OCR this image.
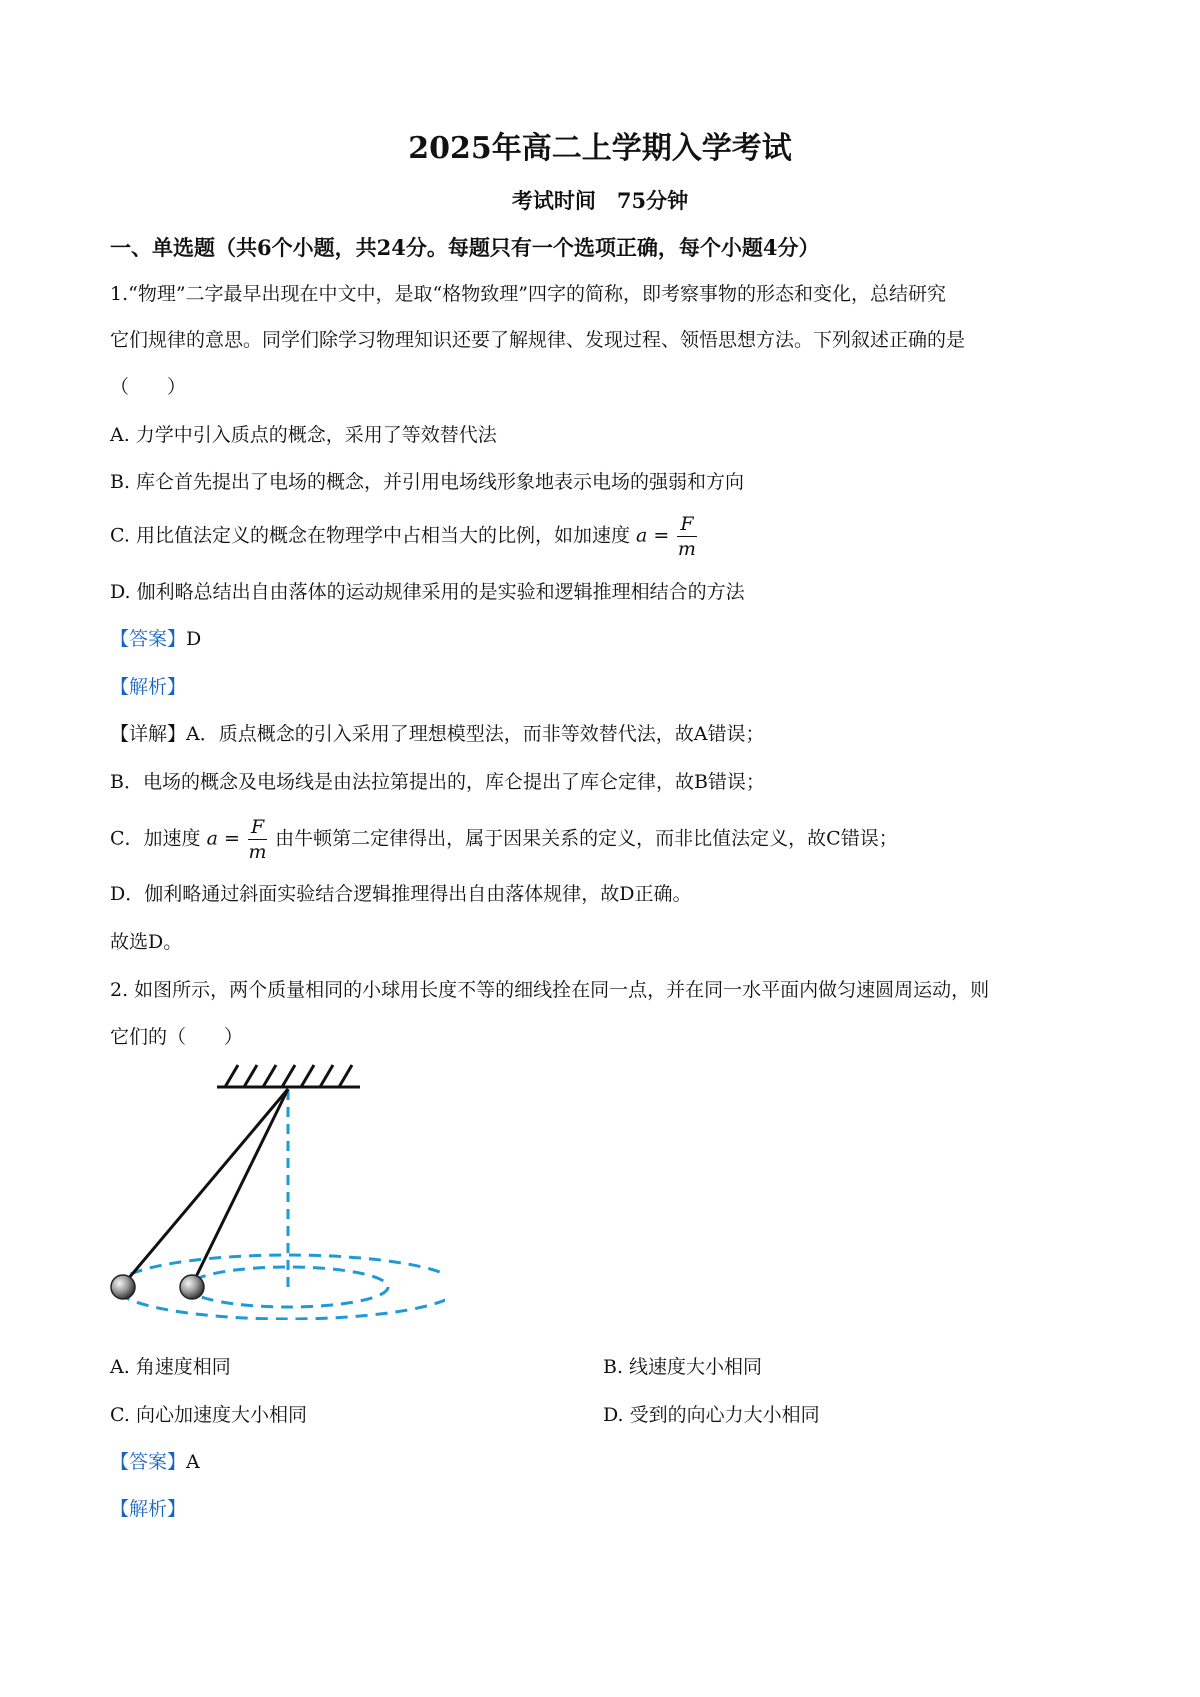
2025年高二上学期入学考试
考试时间　75分钟
一、单选题（共6个小题，共24分。每题只有一个选项正确，每个小题4分）
1.“物理”二字最早出现在中文中，是取“格物致理”四字的简称，即考察事物的形态和变化，总结研究
它们规律的意思。同学们除学习物理知识还要了解规律、发现过程、领悟思想方法。下列叙述正确的是
（　　）
A. 力学中引入质点的概念，采用了等效替代法
B. 库仑首先提出了电场的概念，并引用电场线形象地表示电场的强弱和方向
C. 用比值法定义的概念在物理学中占相当大的比例，如加速度 $a = \frac{F}{m}$
D. 伽利略总结出自由落体的运动规律采用的是实验和逻辑推理相结合的方法
【答案】D
【解析】
【详解】A．质点概念的引入采用了理想模型法，而非等效替代法，故A错误；
B．电场的概念及电场线是由法拉第提出的，库仑提出了库仑定律，故B错误；
C．加速度 $a = \frac{F}{m}$ 由牛顿第二定律得出，属于因果关系的定义，而非比值法定义，故C错误；
D．伽利略通过斜面实验结合逻辑推理得出自由落体规律，故D正确。
故选D。
2. 如图所示，两个质量相同的小球用长度不等的细线拴在同一点，并在同一水平面内做匀速圆周运动，则
它们的（　　）
A. 角速度相同	B. 线速度大小相同
C. 向心加速度大小相同	D. 受到的向心力大小相同
【答案】A
【解析】
